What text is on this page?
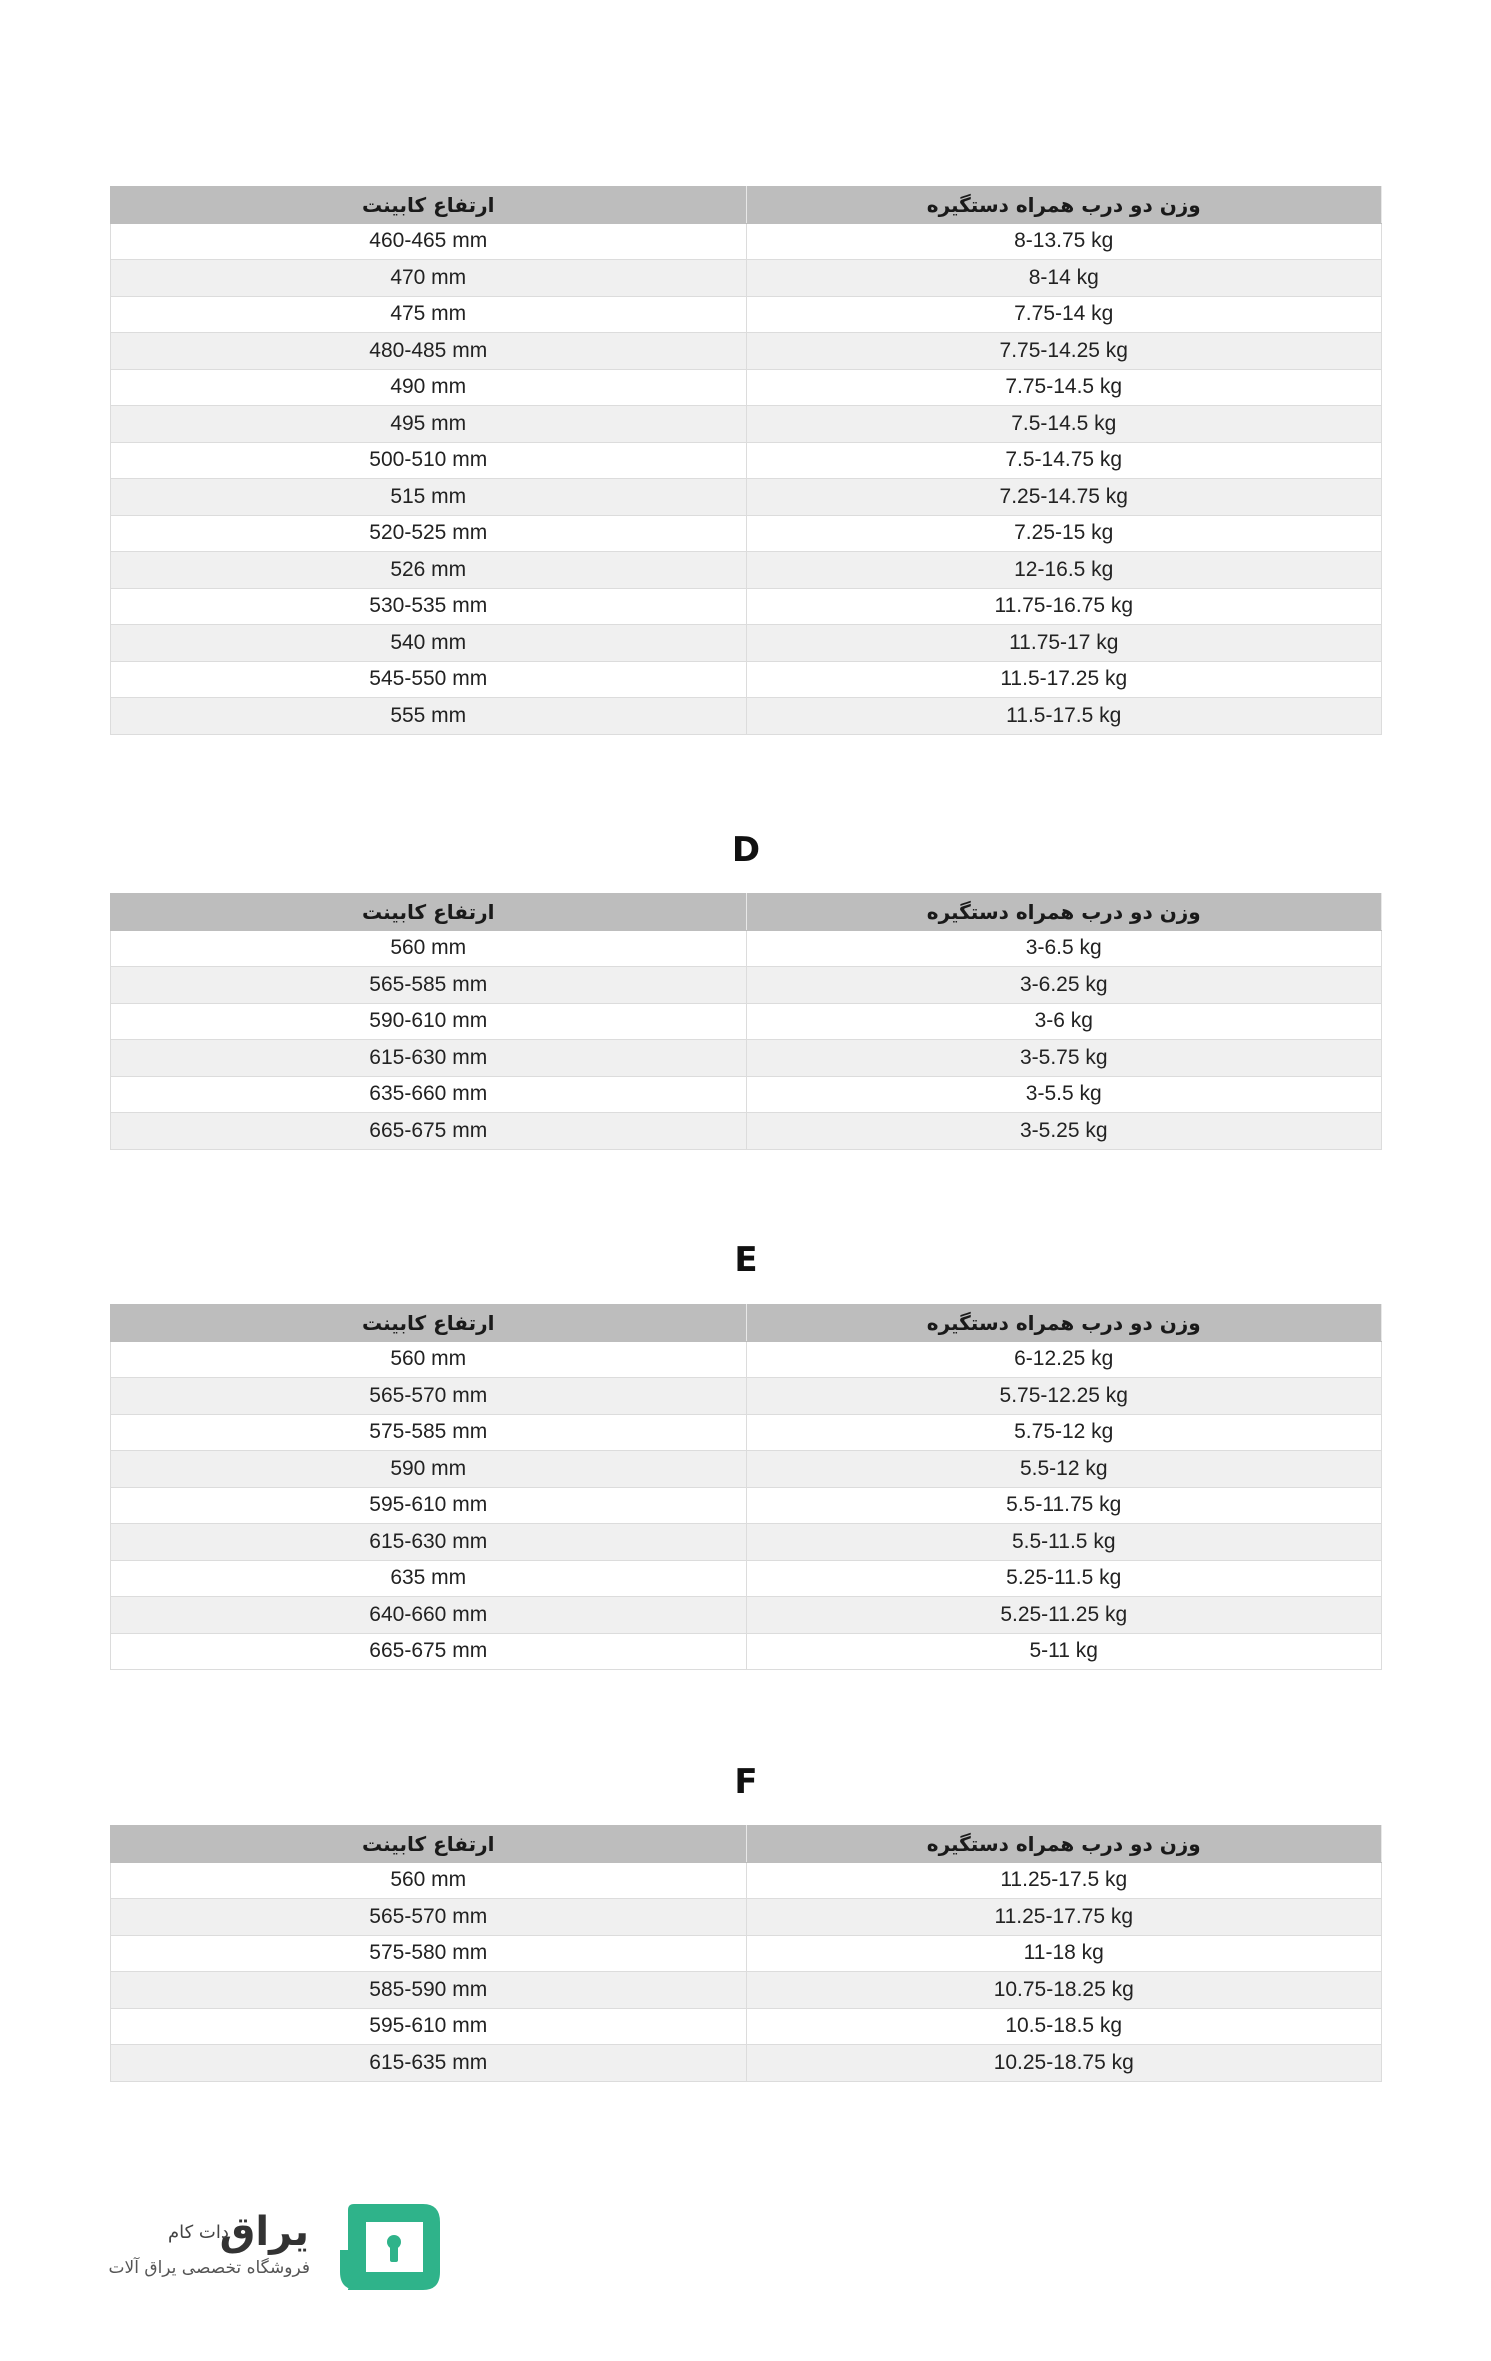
ارتفاع کابینت	وزن دو درب همراه دستگیره
460-465 mm	8-13.75 kg
470 mm	8-14 kg
475 mm	7.75-14 kg
480-485 mm	7.75-14.25 kg
490 mm	7.75-14.5 kg
495 mm	7.5-14.5 kg
500-510 mm	7.5-14.75 kg
515 mm	7.25-14.75 kg
520-525 mm	7.25-15 kg
526 mm	12-16.5 kg
530-535 mm	11.75-16.75 kg
540 mm	11.75-17 kg
545-550 mm	11.5-17.25 kg
555 mm	11.5-17.5 kg
D
ارتفاع کابینت	وزن دو درب همراه دستگیره
560 mm	3-6.5 kg
565-585 mm	3-6.25 kg
590-610 mm	3-6 kg
615-630 mm	3-5.75 kg
635-660 mm	3-5.5 kg
665-675 mm	3-5.25 kg
E
ارتفاع کابینت	وزن دو درب همراه دستگیره
560 mm	6-12.25 kg
565-570 mm	5.75-12.25 kg
575-585 mm	5.75-12 kg
590 mm	5.5-12 kg
595-610 mm	5.5-11.75 kg
615-630 mm	5.5-11.5 kg
635 mm	5.25-11.5 kg
640-660 mm	5.25-11.25 kg
665-675 mm	5-11 kg
F
ارتفاع کابینت	وزن دو درب همراه دستگیره
560 mm	11.25-17.5 kg
565-570 mm	11.25-17.75 kg
575-580 mm	11-18 kg
585-590 mm	10.75-18.25 kg
595-610 mm	10.5-18.5 kg
615-635 mm	10.25-18.75 kg
یراق
دات کام
فروشگاه تخصصی یراق آلات
